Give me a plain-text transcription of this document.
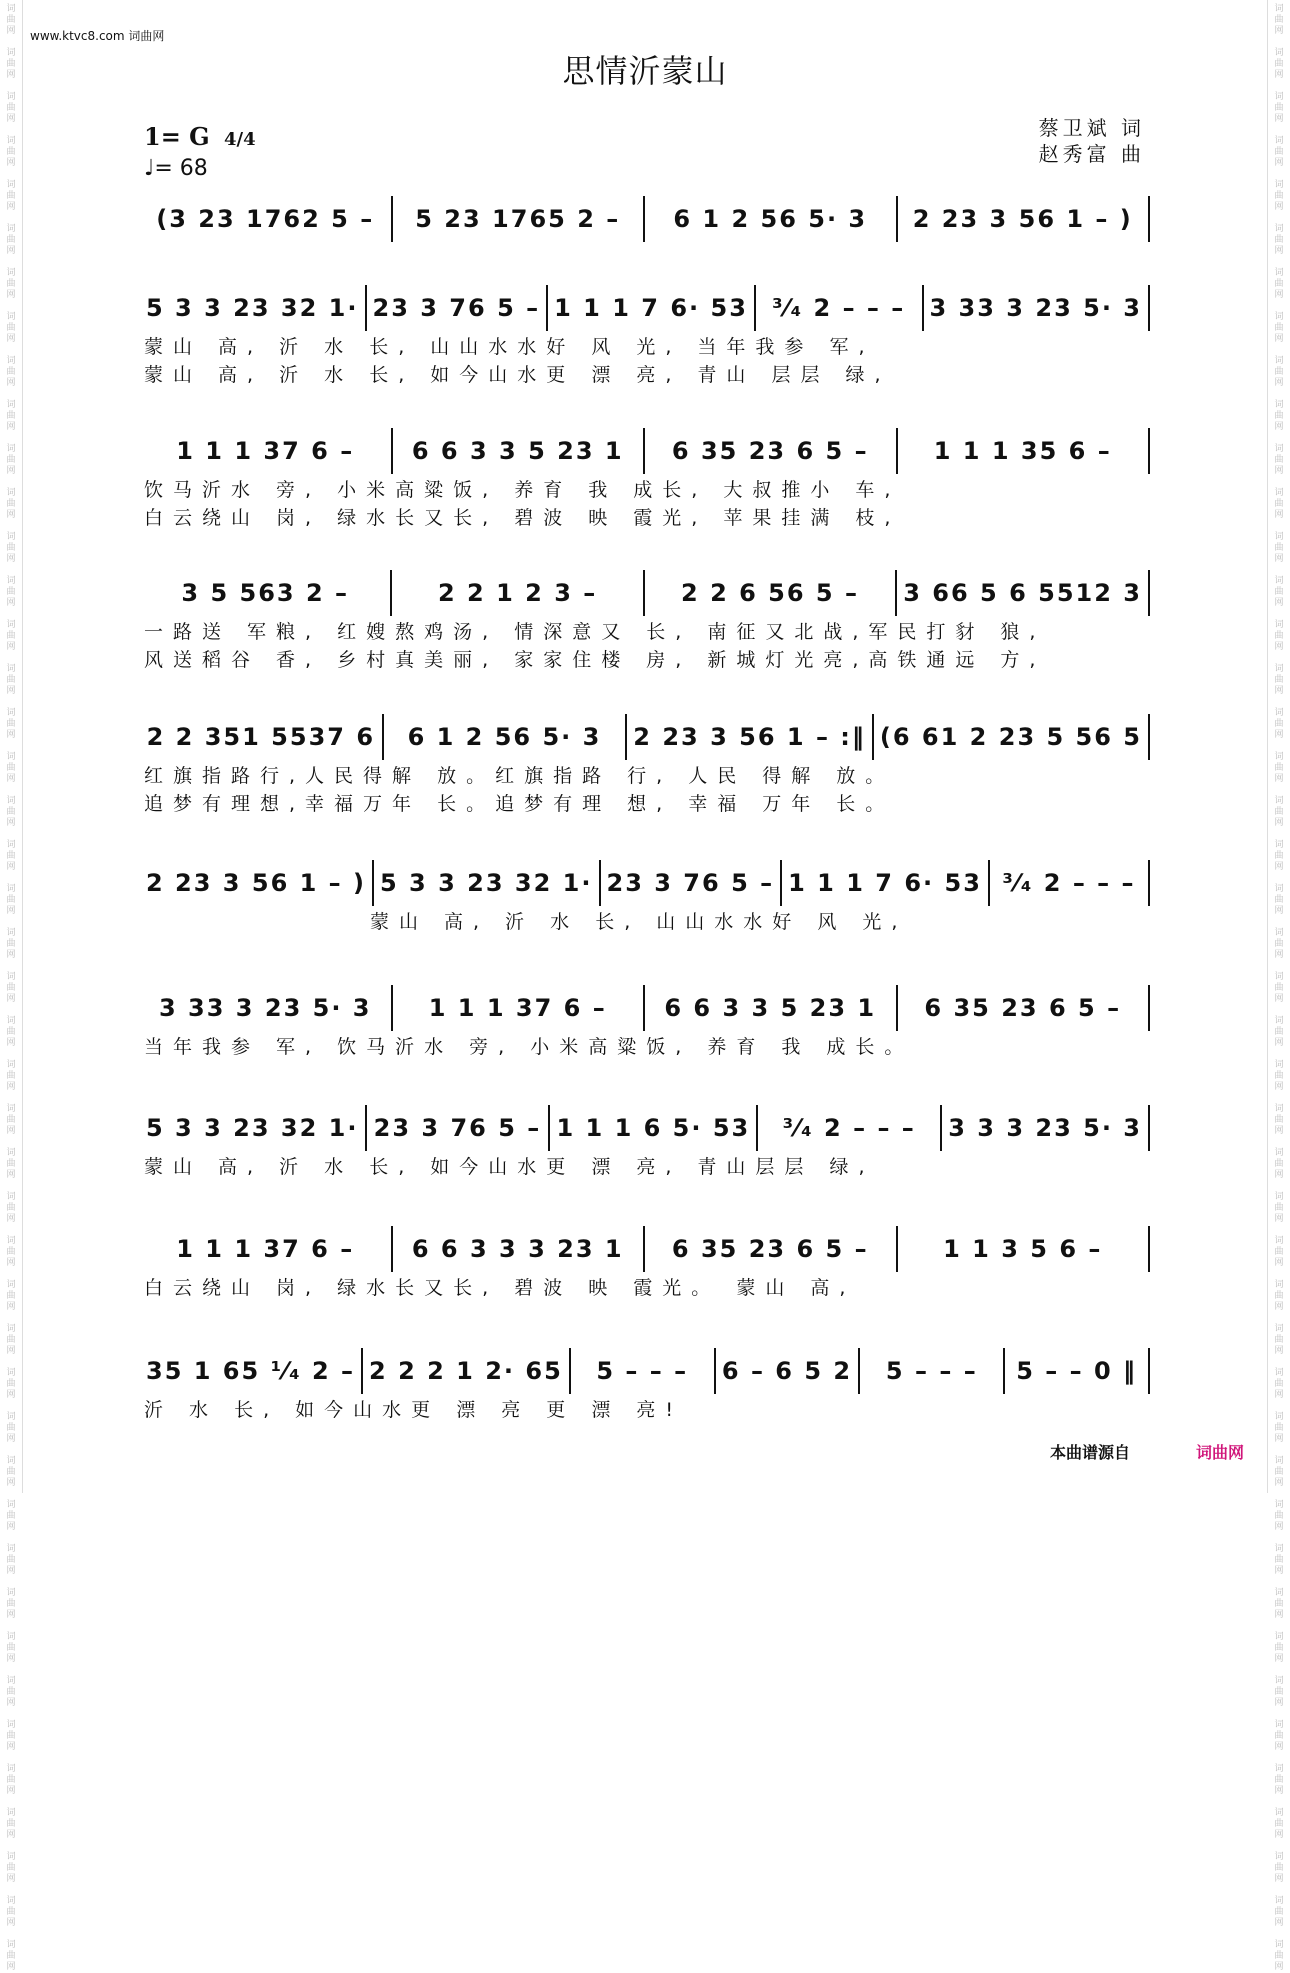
词
曲
网

词
曲
网

词
曲
网

词
曲
网

词
曲
网

词
曲
网

词
曲
网

词
曲
网

词
曲
网

词
曲
网

词
曲
网

词
曲
网

词
曲
网

词
曲
网

词
曲
网

词
曲
网

词
曲
网

词
曲
网

词
曲
网

词
曲
网

词
曲
网

词
曲
网

词
曲
网

词
曲
网

词
曲
网

词
曲
网

词
曲
网

词
曲
网

词
曲
网

词
曲
网

词
曲
网

词
曲
网

词
曲
网

词
曲
网

词
曲
网

词
曲
网

词
曲
网

词
曲
网

词
曲
网

词
曲
网

词
曲
网

词
曲
网

词
曲
网

词
曲
网

词
曲
网

词
曲
网

词
曲
网

词
曲
网

词
曲
网

词
曲
网

词
曲
网

词
曲
网

词
曲
网

词
曲
网

词
曲
网

词
曲
网

词
曲
网

词
曲
网

词
曲
网

词
曲
网

词
曲
网

词
曲
网

词
曲
网

词
曲
网

词
曲
网

词
曲
网

词
曲
网

词
曲
网

词
曲
网

词
曲
网

词
曲
网

词
曲
网

词
曲
网

词
曲
网

词
曲
网

词
曲
网

词
曲
网

词
曲
网

词
曲
网

词
曲
网

词
曲
网

词
曲
网

词
曲
网

词
曲
网

词
曲
网

词
曲
网

词
曲
网

词
曲
网

词
曲
网

词
曲
网

www.ktvc8.com 词曲网
思情沂蒙山
1= G 4/4
♩= 68
蔡卫斌 词
赵秀富 曲
(3 23 1762 5 –	5 23 1765 2 –	6 1 2 56 5· 3	2 23 3 56 1 – )
5 3 3 23 32 1· 23 3 76 5 – 1 1 1 7 6· 53	³⁄₄ 2 – – –	3 33 3 23 5· 3
蒙山 高, 沂 水 长, 山山水水好 风 光, 当年我参 军,
蒙山 高, 沂 水 长, 如今山水更 漂 亮, 青山 层层 绿,
1 1 1 37 6 –	6 6 3 3 5 23 1	6 35 23 6 5 –	1 1 1 35 6 –
饮马沂水 旁, 小米高粱饭, 养育 我 成长, 大叔推小 车,
白云绕山 岗, 绿水长又长, 碧波 映 霞光, 苹果挂满 枝,
3 5 563 2 –	2 2 1 2 3 –	2 2 6 56 5 –	3 66 5 6 5512 3
一路送 军粮, 红嫂熬鸡汤, 情深意又 长, 南征又北战,军民打豺 狼,
风送稻谷 香, 乡村真美丽, 家家住楼 房, 新城灯光亮,高铁通远 方,
2 2 351 5537 6	6 1 2 56 5· 3	2 23 3 56 1 – :‖ (6 61 2 23 5 56 5
红旗指路行,人民得解 放。红旗指路 行, 人民 得解 放。
追梦有理想,幸福万年 长。追梦有理 想, 幸福 万年 长。
2 23 3 56 1 – ) 5 3 3 23 32 1· 23 3 76 5 – 1 1 1 7 6· 53 ³⁄₄ 2 – – –
蒙山 高, 沂 水 长, 山山水水好 风 光,
3 33 3 23 5· 3	1 1 1 37 6 –	6 6 3 3 5 23 1	6 35 23 6 5 –
当年我参 军, 饮马沂水 旁, 小米高粱饭, 养育 我 成长。
5 3 3 23 32 1· 23 3 76 5 – 1 1 1 6 5· 53	³⁄₄ 2 – – –	3 3 3 23 5· 3
蒙山 高, 沂 水 长, 如今山水更 漂 亮, 青山层层 绿,
1 1 1 37 6 –	6 6 3 3 3 23 1	6 35 23 6 5 –	1 1 3 5 6 –
白云绕山 岗, 绿水长又长, 碧波 映 霞光。 蒙山 高,
35 1 65 ¹⁄₄ 2 – 2 2 2 1 2· 65	5 – – –	6 – 6 5 2	5 – – –	5 – – 0 ‖
沂 水 长, 如今山水更 漂 亮 更 漂 亮!
本曲谱源自	词曲网
